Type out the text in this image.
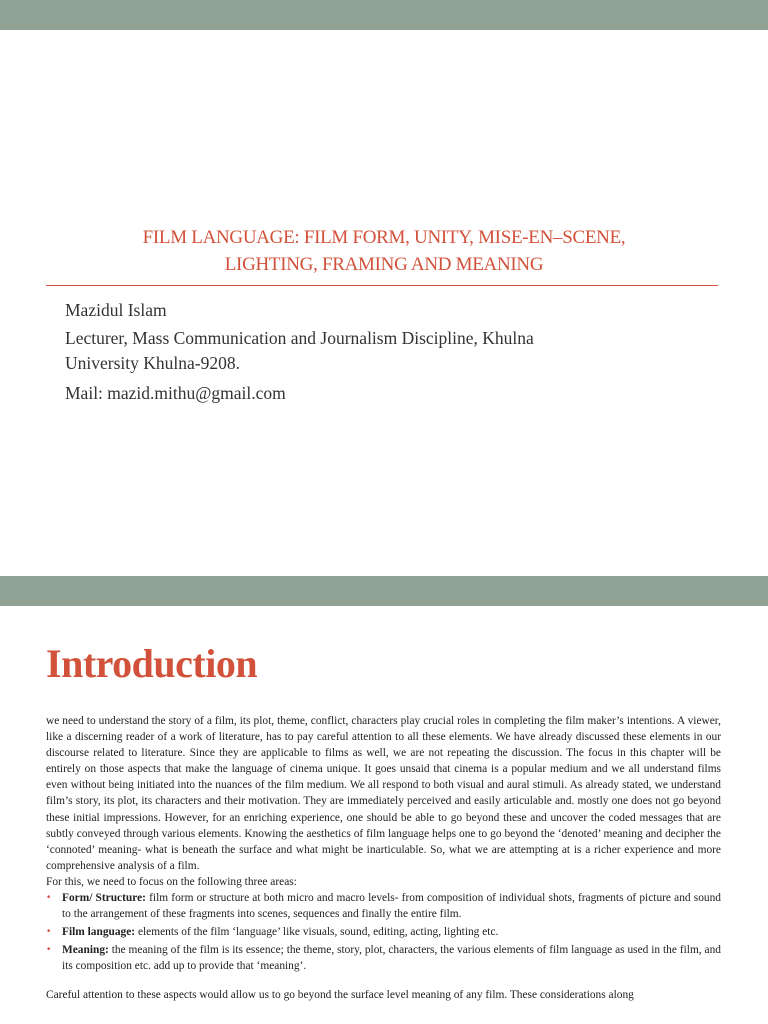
FILM LANGUAGE: FILM FORM, UNITY, MISE-EN–SCENE,
LIGHTING, FRAMING AND MEANING
Mazidul Islam
Lecturer, Mass Communication and Journalism Discipline, Khulna
University Khulna-9208.
Mail: mazid.mithu@gmail.com
Introduction

we need to understand the story of a film, its plot, theme, conflict, characters play crucial roles in completing the film maker’s intentions. A viewer, like a discerning reader of a work of literature, has to pay careful attention to all these elements. We have already discussed these elements in our discourse related to literature. Since they are applicable to films as well, we are not repeating the discussion. The focus in this chapter will be entirely on those aspects that make the language of cinema unique. It goes unsaid that cinema is a popular medium and we all understand films even without being initiated into the nuances of the film medium. We all respond to both visual and aural stimuli. As already stated, we understand film’s story, its plot, its characters and their motivation. They are immediately perceived and easily articulable and. mostly one does not go beyond these initial impressions. However, for an enriching experience, one should be able to go beyond these and uncover the coded messages that are subtly conveyed through various elements. Knowing the aesthetics of film language helps one to go beyond the ‘denoted’ meaning and decipher the ‘connoted’ meaning- what is beneath the surface and what might be inarticulable. So, what we are attempting at is a richer experience and more comprehensive analysis of a film.

For this, we need to focus on the following three areas:

• Form/ Structure: film form or structure at both micro and macro levels- from composition of individual shots, fragments of picture and sound to the arrangement of these fragments into scenes, sequences and finally the entire film.
• Film language: elements of the film ‘language’ like visuals, sound, editing, acting, lighting etc.
• Meaning: the meaning of the film is its essence; the theme, story, plot, characters, the various elements of film language as used in the film, and its composition etc. add up to provide that ‘meaning’.

Careful attention to these aspects would allow us to go beyond the surface level meaning of any film. These considerations along
